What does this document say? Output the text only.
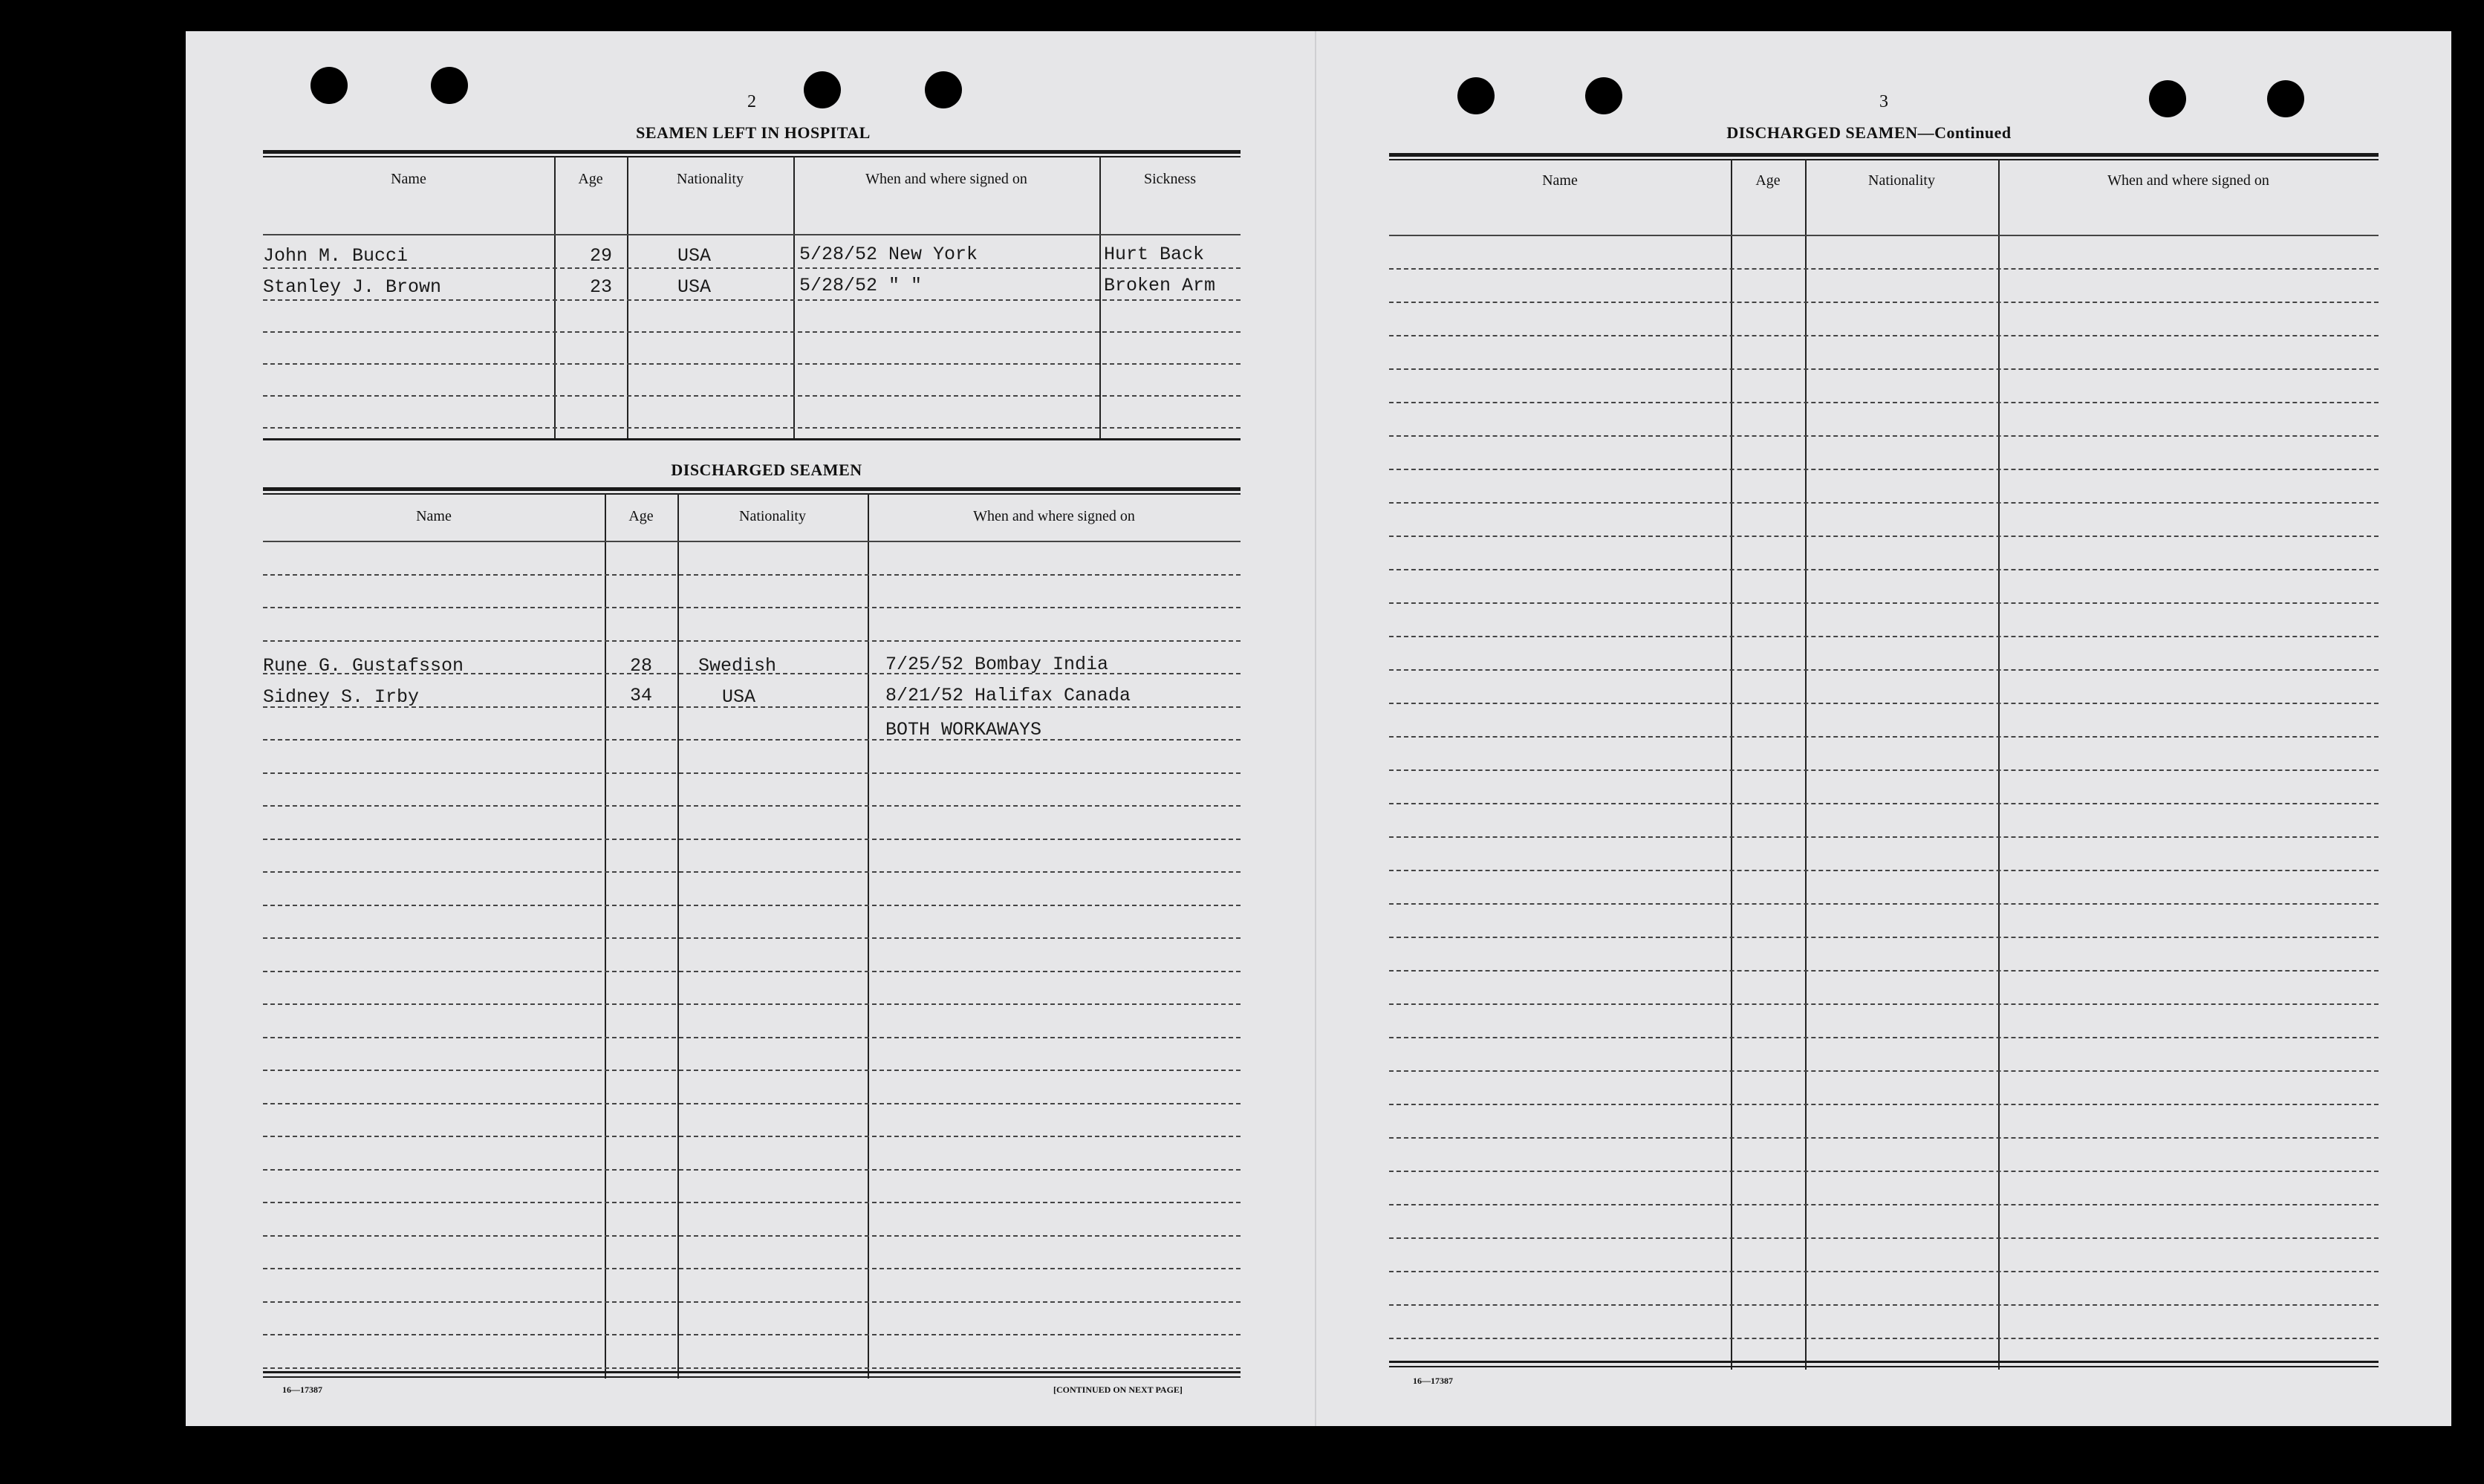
2
SEAMEN LEFT IN HOSPITAL
Name	Age	Nationality	When and where signed on	Sickness
John M. Bucci	29	USA	5/28/52 New York	Hurt Back
Stanley J. Brown	23	USA	5/28/52 " "	Broken Arm
DISCHARGED SEAMEN
Name	Age	Nationality	When and where signed on
Rune G. Gustafsson	28 Swedish	7/25/52 Bombay India
Sidney S. Irby	34	USA	8/21/52 Halifax Canada
BOTH WORKAWAYS
16—17387	[CONTINUED ON NEXT PAGE]
3
DISCHARGED SEAMEN—Continued
Name	Age	Nationality	When and where signed on
16—17387
